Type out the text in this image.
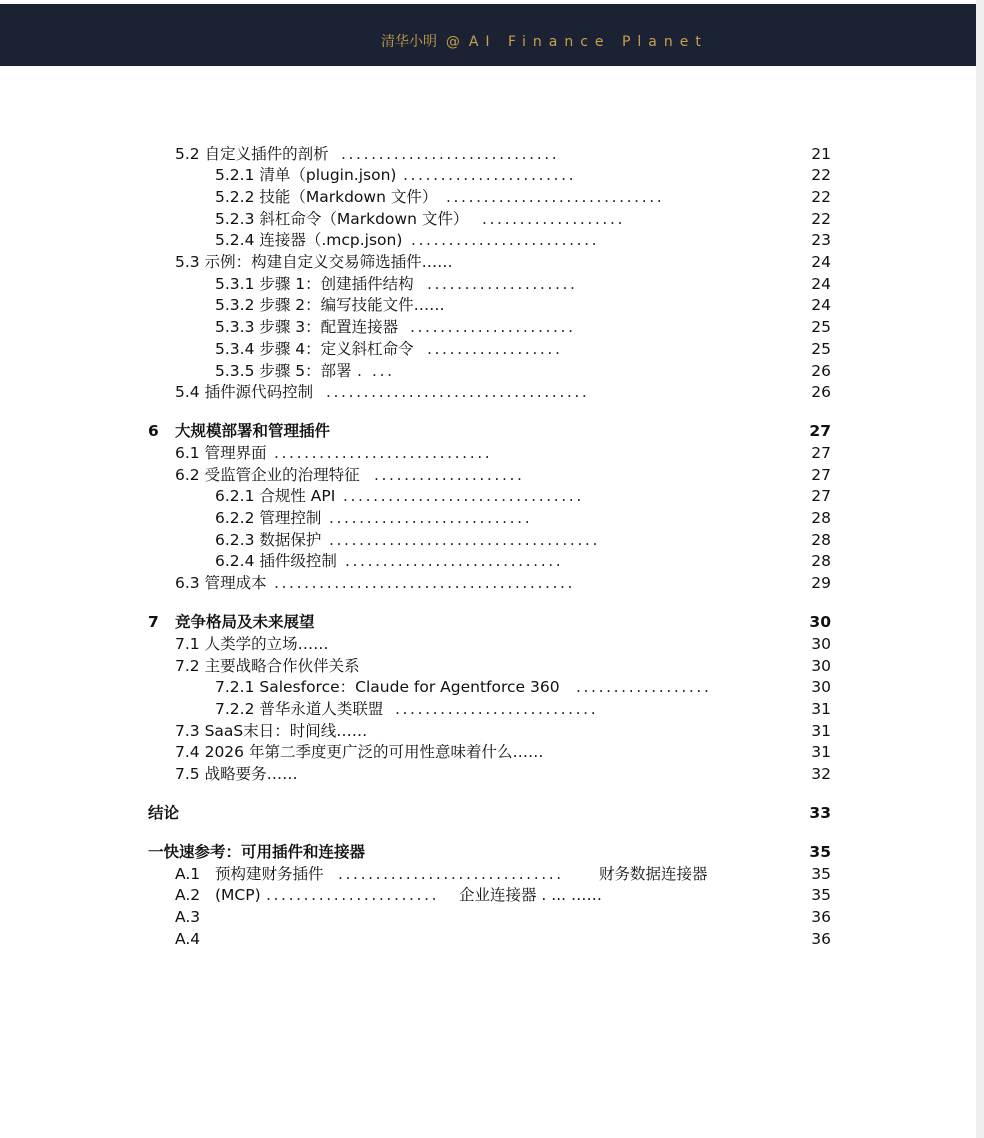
清华小明 @ AI Finance Planet
5.2 自定义插件的剖析 .............................	21
5.2.1 清单（plugin.json) .......................	22
5.2.2 技能（Markdown 文件） .............................	22
5.2.3 斜杠命令（Markdown 文件） ...................	22
5.2.4 连接器（.mcp.json) .........................	23
5.3 示例：构建自定义交易筛选插件……	24
5.3.1 步骤 1：创建插件结构 ....................	24
5.3.2 步骤 2：编写技能文件……	24
5.3.3 步骤 3：配置连接器 ......................	25
5.3.4 步骤 4：定义斜杠命令 ..................	25
5.3.5 步骤 5：部署 . ...	26
5.4 插件源代码控制 ...................................	26
6 大规模部署和管理插件	27
6.1 管理界面 .............................	27
6.2 受监管企业的治理特征 ....................	27
6.2.1 合规性 API ................................	27
6.2.2 管理控制 ...........................	28
6.2.3 数据保护 ....................................	28
6.2.4 插件级控制 .............................	28
6.3 管理成本 ........................................	29
7 竞争格局及未来展望	30
7.1 人类学的立场……	30
7.2 主要战略合作伙伴关系	30
7.2.1 Salesforce：Claude for Agentforce 360 ..................	30
7.2.2 普华永道人类联盟 ...........................	31
7.3 SaaS末日：时间线……	31
7.4 2026 年第二季度更广泛的可用性意味着什么……	31
7.5 战略要务……	32
结论	33
一快速参考：可用插件和连接器	35
A.1 预构建财务插件 .............................. 财务数据连接器	35
A.2 (MCP) ....................... 企业连接器 . ... ……	35
A.3	36
A.4	36
